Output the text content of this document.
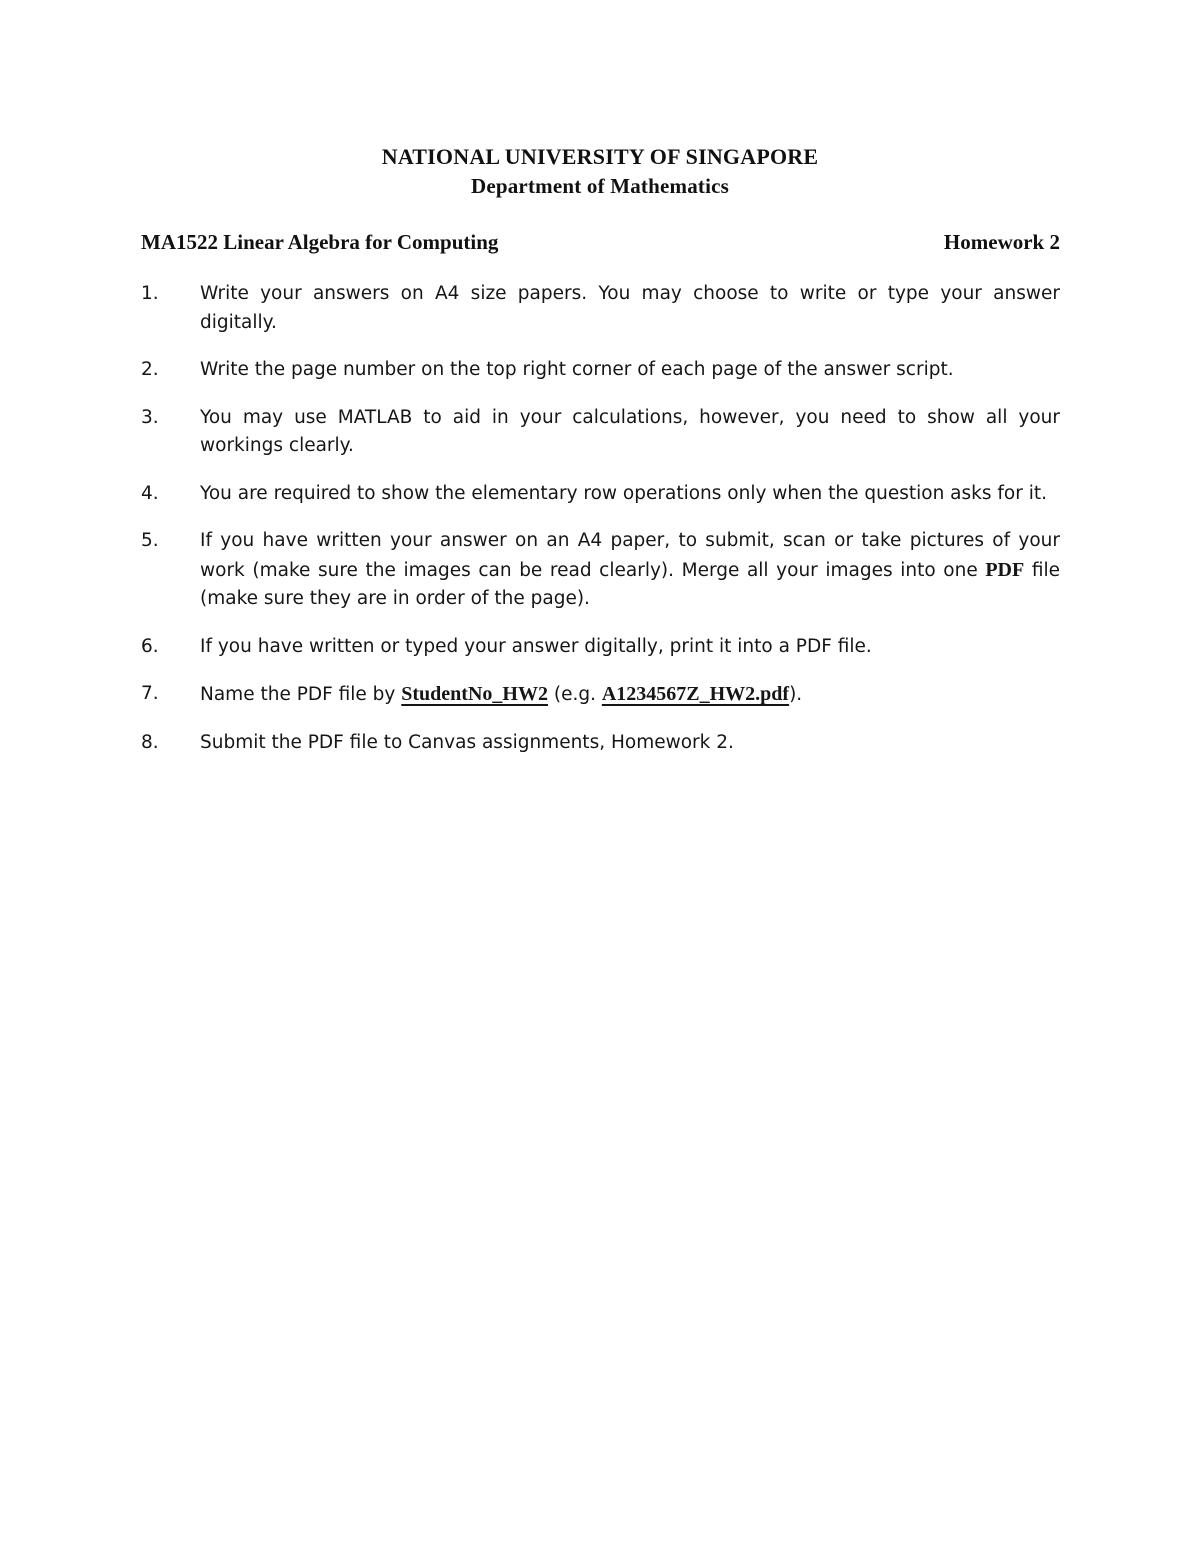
NATIONAL UNIVERSITY OF SINGAPORE
Department of Mathematics
MA1522 Linear Algebra for Computing	Homework 2
1.	Write your answers on A4 size papers. You may choose to write or type your answer digitally.
2.	Write the page number on the top right corner of each page of the answer script.
3.	You may use MATLAB to aid in your calculations, however, you need to show all your workings clearly.
4.	You are required to show the elementary row operations only when the question asks for it.
5.	If you have written your answer on an A4 paper, to submit, scan or take pictures of your work (make sure the images can be read clearly). Merge all your images into one PDF file (make sure they are in order of the page).
6.	If you have written or typed your answer digitally, print it into a PDF file.
7.	Name the PDF file by StudentNo_HW2 (e.g. A1234567Z_HW2.pdf).
8.	Submit the PDF file to Canvas assignments, Homework 2.
